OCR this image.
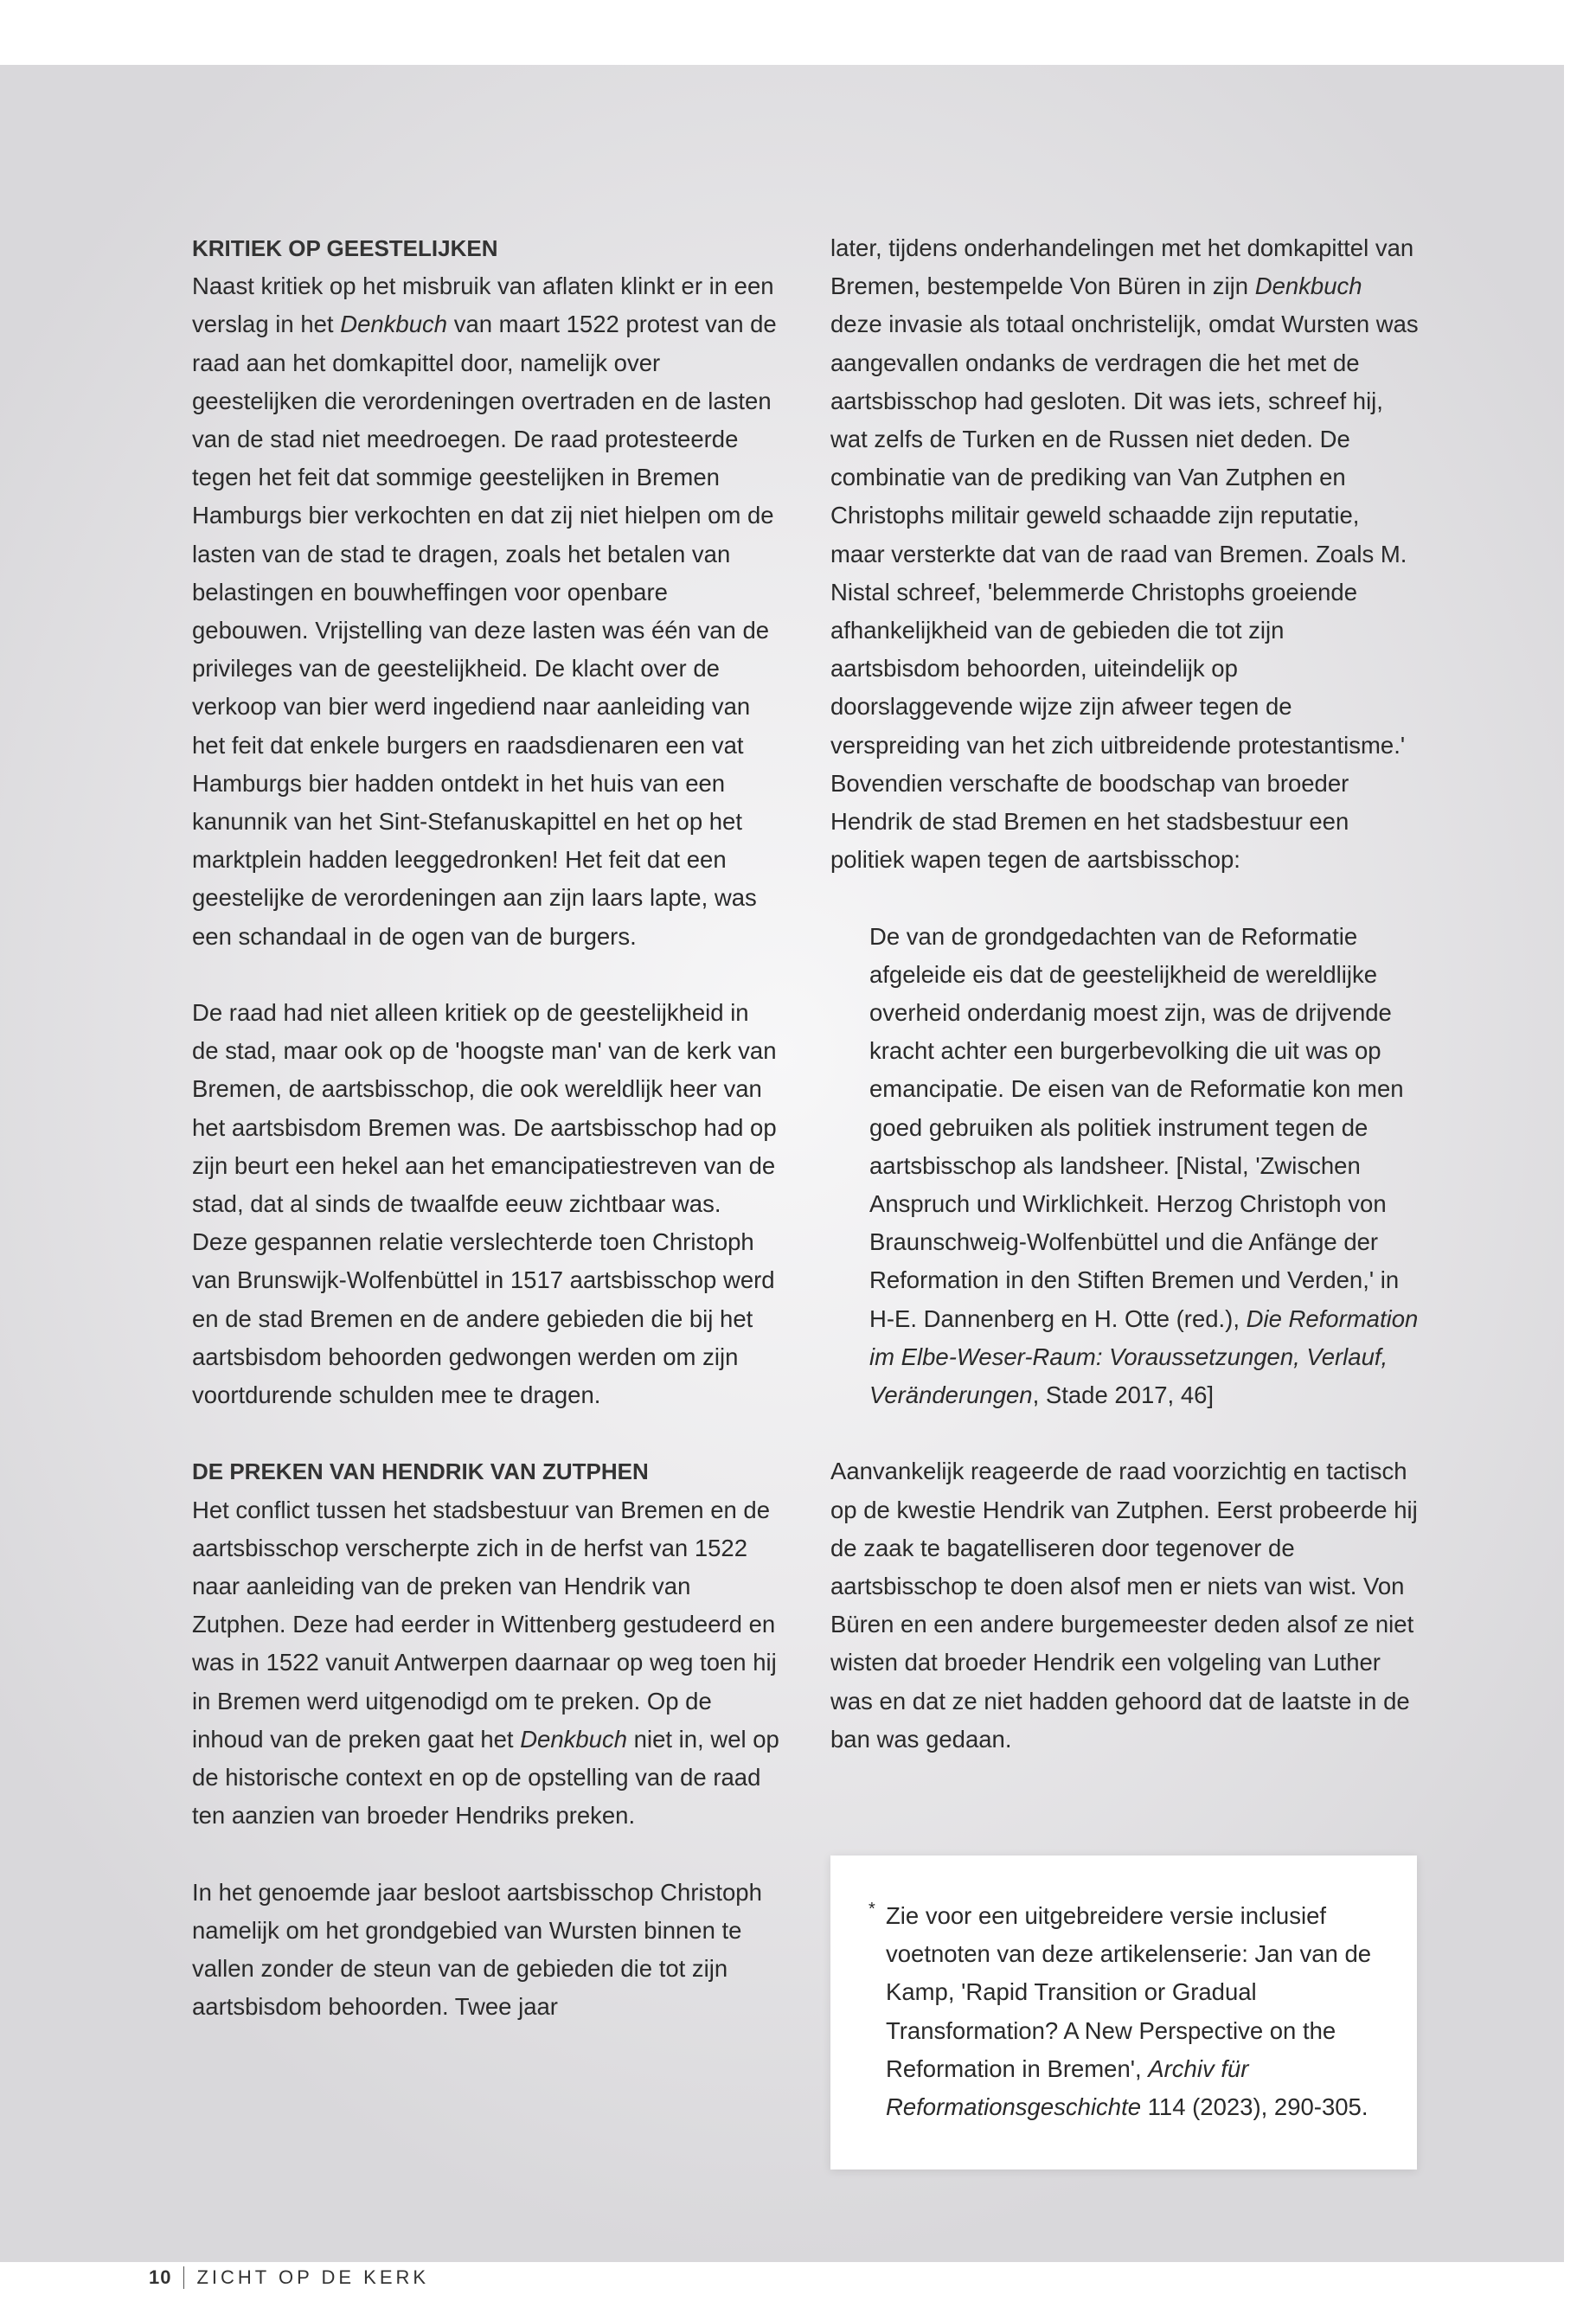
KRITIEK OP GEESTELIJKEN

Naast kritiek op het misbruik van aflaten klinkt er in een verslag in het Denkbuch van maart 1522 protest van de raad aan het domkapittel door, namelijk over geestelijken die verordeningen overtraden en de lasten van de stad niet meedroegen. De raad protesteerde tegen het feit dat sommige geestelijken in Bremen Hamburgs bier verkochten en dat zij niet hielpen om de lasten van de stad te dragen, zoals het betalen van belastingen en bouwheffingen voor openbare gebouwen. Vrijstelling van deze lasten was één van de privileges van de geestelijkheid. De klacht over de verkoop van bier werd ingediend naar aanleiding van het feit dat enkele burgers en raadsdienaren een vat Hamburgs bier hadden ontdekt in het huis van een kanunnik van het Sint-Stefanuskapittel en het op het marktplein hadden leeggedronken! Het feit dat een geestelijke de verordeningen aan zijn laars lapte, was een schandaal in de ogen van de burgers.

De raad had niet alleen kritiek op de geestelijkheid in de stad, maar ook op de 'hoogste man' van de kerk van Bremen, de aartsbisschop, die ook wereldlijk heer van het aartsbisdom Bremen was. De aartsbisschop had op zijn beurt een hekel aan het emancipatiestreven van de stad, dat al sinds de twaalfde eeuw zichtbaar was. Deze gespannen relatie verslechterde toen Christoph van Brunswijk-Wolfenbüttel in 1517 aartsbisschop werd en de stad Bremen en de andere gebieden die bij het aartsbisdom behoorden gedwongen werden om zijn voortdurende schulden mee te dragen.

DE PREKEN VAN HENDRIK VAN ZUTPHEN

Het conflict tussen het stadsbestuur van Bremen en de aartsbisschop verscherpte zich in de herfst van 1522 naar aanleiding van de preken van Hendrik van Zutphen. Deze had eerder in Wittenberg gestudeerd en was in 1522 vanuit Antwerpen daarnaar op weg toen hij in Bremen werd uitgenodigd om te preken. Op de inhoud van de preken gaat het Denkbuch niet in, wel op de historische context en op de opstelling van de raad ten aanzien van broeder Hendriks preken.

In het genoemde jaar besloot aartsbisschop Christoph namelijk om het grondgebied van Wursten binnen te vallen zonder de steun van de gebieden die tot zijn aartsbisdom behoorden. Twee jaar

later, tijdens onderhandelingen met het domkapittel van Bremen, bestempelde Von Büren in zijn Denkbuch deze invasie als totaal onchristelijk, omdat Wursten was aangevallen ondanks de verdragen die het met de aartsbisschop had gesloten. Dit was iets, schreef hij, wat zelfs de Turken en de Russen niet deden. De combinatie van de prediking van Van Zutphen en Christophs militair geweld schaadde zijn reputatie, maar versterkte dat van de raad van Bremen. Zoals M. Nistal schreef, 'belemmerde Christophs groeiende afhankelijkheid van de gebieden die tot zijn aartsbisdom behoorden, uiteindelijk op doorslaggevende wijze zijn afweer tegen de verspreiding van het zich uitbreidende protestantisme.' Bovendien verschafte de boodschap van broeder Hendrik de stad Bremen en het stadsbestuur een politiek wapen tegen de aartsbisschop:

De van de grondgedachten van de Reformatie afgeleide eis dat de geestelijkheid de wereldlijke overheid onderdanig moest zijn, was de drijvende kracht achter een burgerbevolking die uit was op emancipatie. De eisen van de Reformatie kon men goed gebruiken als politiek instrument tegen de aartsbisschop als landsheer. [Nistal, 'Zwischen Anspruch und Wirklichkeit. Herzog Christoph von Braunschweig-Wolfenbüttel und die Anfänge der Reformation in den Stiften Bremen und Verden,' in H-E. Dannenberg en H. Otte (red.), Die Reformation im Elbe-Weser-Raum: Voraussetzungen, Verlauf, Veränderungen, Stade 2017, 46]

Aanvankelijk reageerde de raad voorzichtig en tactisch op de kwestie Hendrik van Zutphen. Eerst probeerde hij de zaak te bagatelliseren door tegenover de aartsbisschop te doen alsof men er niets van wist. Von Büren en een andere burgemeester deden alsof ze niet wisten dat broeder Hendrik een volgeling van Luther was en dat ze niet hadden gehoord dat de laatste in de ban was gedaan.

* Zie voor een uitgebreidere versie inclusief voetnoten van deze artikelenserie: Jan van de Kamp, 'Rapid Transition or Gradual Transformation? A New Perspective on the Reformation in Bremen', Archiv für Reformationsgeschichte 114 (2023), 290-305.
10 ZICHT OP DE KERK
